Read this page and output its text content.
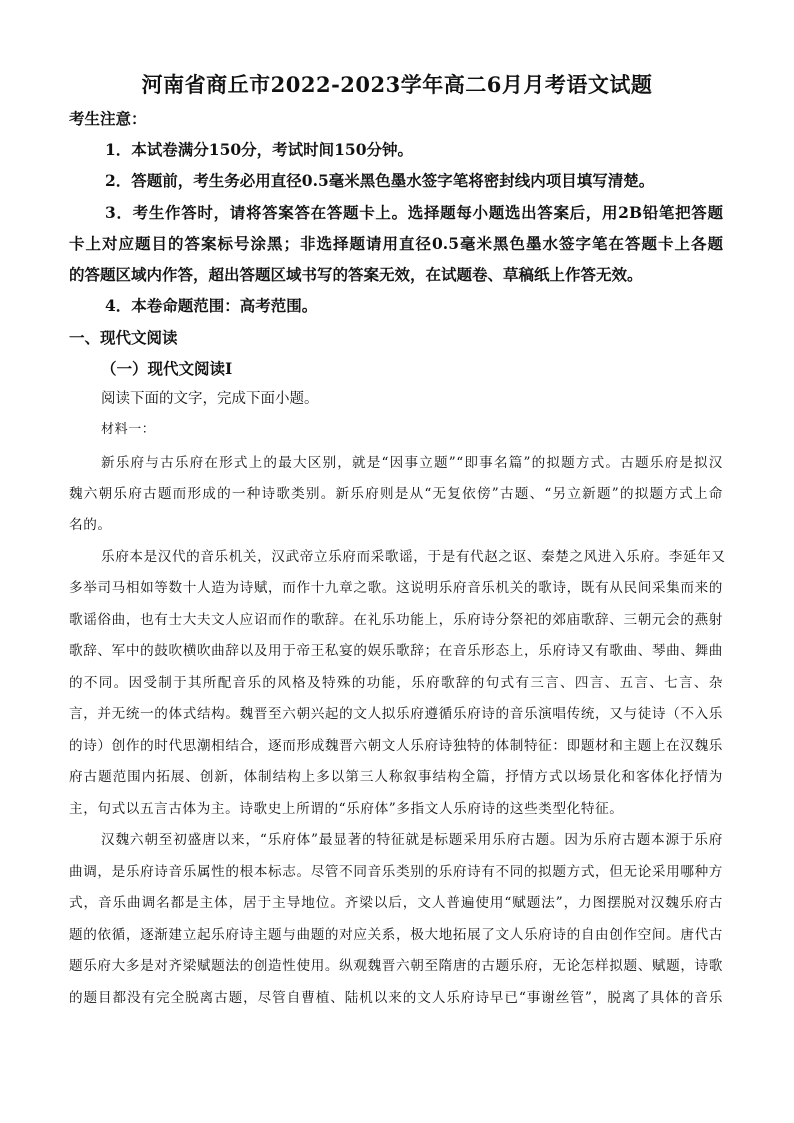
河南省商丘市2022-2023学年高二6月月考语文试题
考生注意：
1．本试卷满分150分，考试时间150分钟。
2．答题前，考生务必用直径0.5毫米黑色墨水签字笔将密封线内项目填写清楚。
3．考生作答时，请将答案答在答题卡上。选择题每小题选出答案后，用2B铅笔把答题
卡上对应题目的答案标号涂黑；非选择题请用直径0.5毫米黑色墨水签字笔在答题卡上各题
的答题区域内作答，超出答题区域书写的答案无效，在试题卷、草稿纸上作答无效。
4．本卷命题范围：高考范围。
一、现代文阅读
（一）现代文阅读Ⅰ
阅读下面的文字，完成下面小题。
材料一：
新乐府与古乐府在形式上的最大区别，就是“因事立题”“即事名篇”的拟题方式。古题乐府是拟汉
魏六朝乐府古题而形成的一种诗歌类别。新乐府则是从“无复依傍”古题、“另立新题”的拟题方式上命
名的。
乐府本是汉代的音乐机关，汉武帝立乐府而采歌谣，于是有代赵之讴、秦楚之风进入乐府。李延年又
多举司马相如等数十人造为诗赋，而作十九章之歌。这说明乐府音乐机关的歌诗，既有从民间采集而来的
歌谣俗曲，也有士大夫文人应诏而作的歌辞。在礼乐功能上，乐府诗分祭祀的郊庙歌辞、三朝元会的燕射
歌辞、军中的鼓吹横吹曲辞以及用于帝王私宴的娱乐歌辞；在音乐形态上，乐府诗又有歌曲、琴曲、舞曲
的不同。因受制于其所配音乐的风格及特殊的功能，乐府歌辞的句式有三言、四言、五言、七言、杂
言，并无统一的体式结构。魏晋至六朝兴起的文人拟乐府遵循乐府诗的音乐演唱传统，又与徒诗（不入乐
的诗）创作的时代思潮相结合，逐而形成魏晋六朝文人乐府诗独特的体制特征：即题材和主题上在汉魏乐
府古题范围内拓展、创新，体制结构上多以第三人称叙事结构全篇，抒情方式以场景化和客体化抒情为
主，句式以五言古体为主。诗歌史上所谓的“乐府体”多指文人乐府诗的这些类型化特征。
汉魏六朝至初盛唐以来，“乐府体”最显著的特征就是标题采用乐府古题。因为乐府古题本源于乐府
曲调，是乐府诗音乐属性的根本标志。尽管不同音乐类别的乐府诗有不同的拟题方式，但无论采用哪种方
式，音乐曲调名都是主体，居于主导地位。齐梁以后，文人普遍使用“赋题法”，力图摆脱对汉魏乐府古
题的依循，逐渐建立起乐府诗主题与曲题的对应关系，极大地拓展了文人乐府诗的自由创作空间。唐代古
题乐府大多是对齐梁赋题法的创造性使用。纵观魏晋六朝至隋唐的古题乐府，无论怎样拟题、赋题，诗歌
的题目都没有完全脱离古题，尽管自曹植、陆机以来的文人乐府诗早已“事谢丝管”，脱离了具体的音乐
